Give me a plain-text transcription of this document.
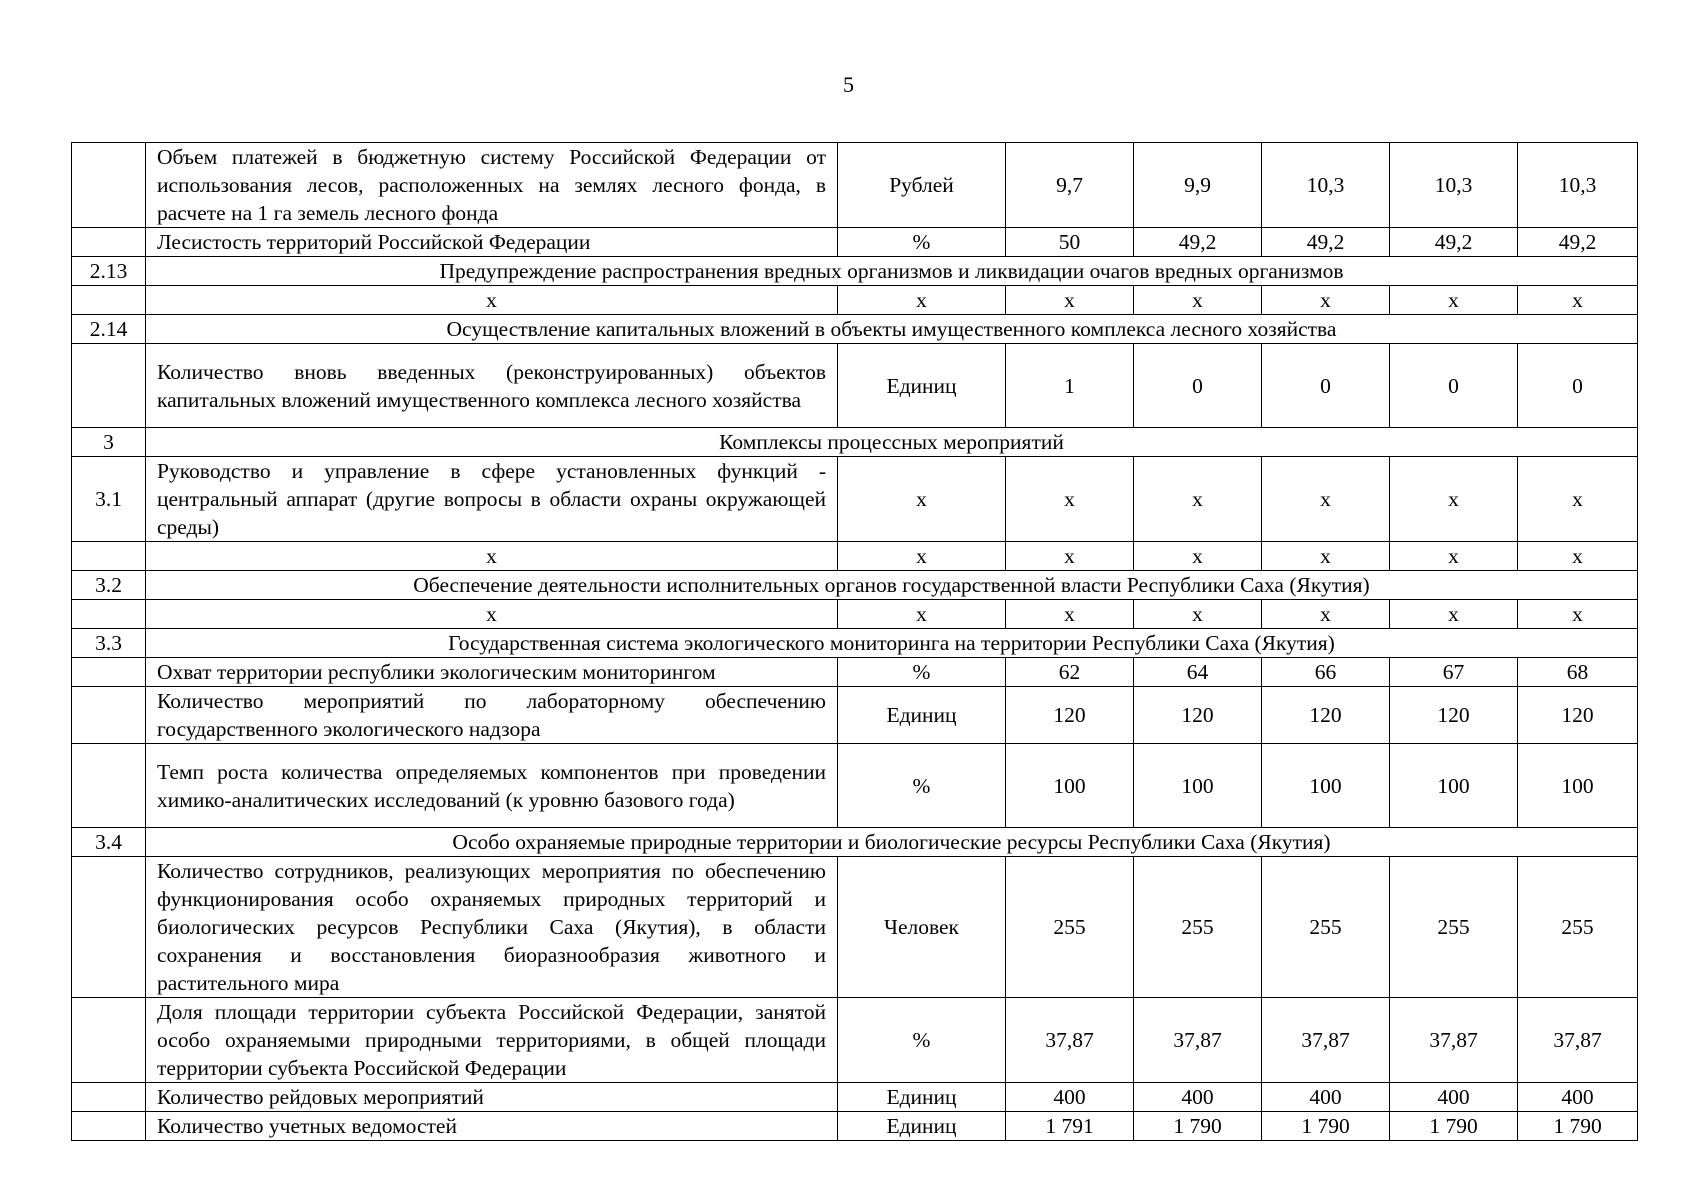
5
	Объем платежей в бюджетную систему Российской Федерации от использования лесов, расположенных на землях лесного фонда, в расчете на 1 га земель лесного фонда	Рублей	9,7	9,9	10,3	10,3	10,3
	Лесистость территорий Российской Федерации	%	50	49,2	49,2	49,2	49,2
2.13	Предупреждение распространения вредных организмов и ликвидации очагов вредных организмов						
	x	x	x	x	x	x	x
2.14	Осуществление капитальных вложений в объекты имущественного комплекса лесного хозяйства						
	Количество вновь введенных (реконструированных) объектов капитальных вложений имущественного комплекса лесного хозяйства	Единиц	1	0	0	0	0
3	Комплексы процессных мероприятий						
3.1	Руководство и управление в сфере установленных функций - центральный аппарат (другие вопросы в области охраны окружающей среды)	x	x	x	x	x	x
	x	x	x	x	x	x	x
3.2	Обеспечение деятельности исполнительных органов государственной власти Республики Саха (Якутия)						
	x	x	x	x	x	x	x
3.3	Государственная система экологического мониторинга на территории Республики Саха (Якутия)						
	Охват территории республики экологическим мониторингом	%	62	64	66	67	68
	Количество мероприятий по лабораторному обеспечению государственного экологического надзора	Единиц	120	120	120	120	120
	Темп роста количества определяемых компонентов при проведении химико-аналитических исследований (к уровню базового года)	%	100	100	100	100	100
3.4	Особо охраняемые природные территории и биологические ресурсы Республики Саха (Якутия)						
	Количество сотрудников, реализующих мероприятия по обеспечению функционирования особо охраняемых природных территорий и биологических ресурсов Республики Саха (Якутия), в области сохранения и восстановления биоразнообразия животного и растительного мира	Человек	255	255	255	255	255
	Доля площади территории субъекта Российской Федерации, занятой особо охраняемыми природными территориями, в общей площади территории субъекта Российской Федерации	%	37,87	37,87	37,87	37,87	37,87
	Количество рейдовых мероприятий	Единиц	400	400	400	400	400
	Количество учетных ведомостей	Единиц	1 791	1 790	1 790	1 790	1 790
